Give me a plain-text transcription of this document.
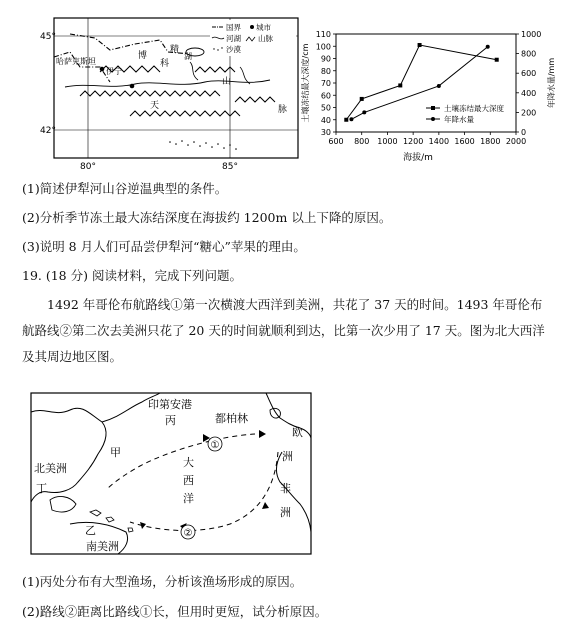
45°
42°
80°	85°
哈萨克斯坦
博
伊宁
科
湖
精
天
山
脉
国界 城市
河湖 山脉
沙漠
600 800 1000 1200 1400 1600 1800 2000
30
40
50
60
70
80
90
100
110
0
200
400
600
800
1000
海拔/m
土壤冻结最大深度/cm	年降水量/mm
土壤冻结最大深度
年降水量
(1)简述伊犁河山谷逆温典型的条件。
(2)分析季节冻土最大冻结深度在海拔约 1200m 以上下降的原因。
(3)说明 8 月人们可品尝伊犁河“糖心”苹果的理由。
19. (18 分) 阅读材料，完成下列问题。
1492 年哥伦布航路线①第一次横渡大西洋到美洲，共花了 37 天的时间。1493 年哥伦布航路线②第二次去美洲只花了 20 天的时间就顺利到达，比第一次少用了 17 天。图为北大西洋及其周边地区图。
①
②
印第安港
都柏林
丙
甲
北美洲	大
西
洋
丁
乙
南美洲
欧
洲
非
洲
(1)丙处分布有大型渔场，分析该渔场形成的原因。
(2)路线②距离比路线①长，但用时更短，试分析原因。
